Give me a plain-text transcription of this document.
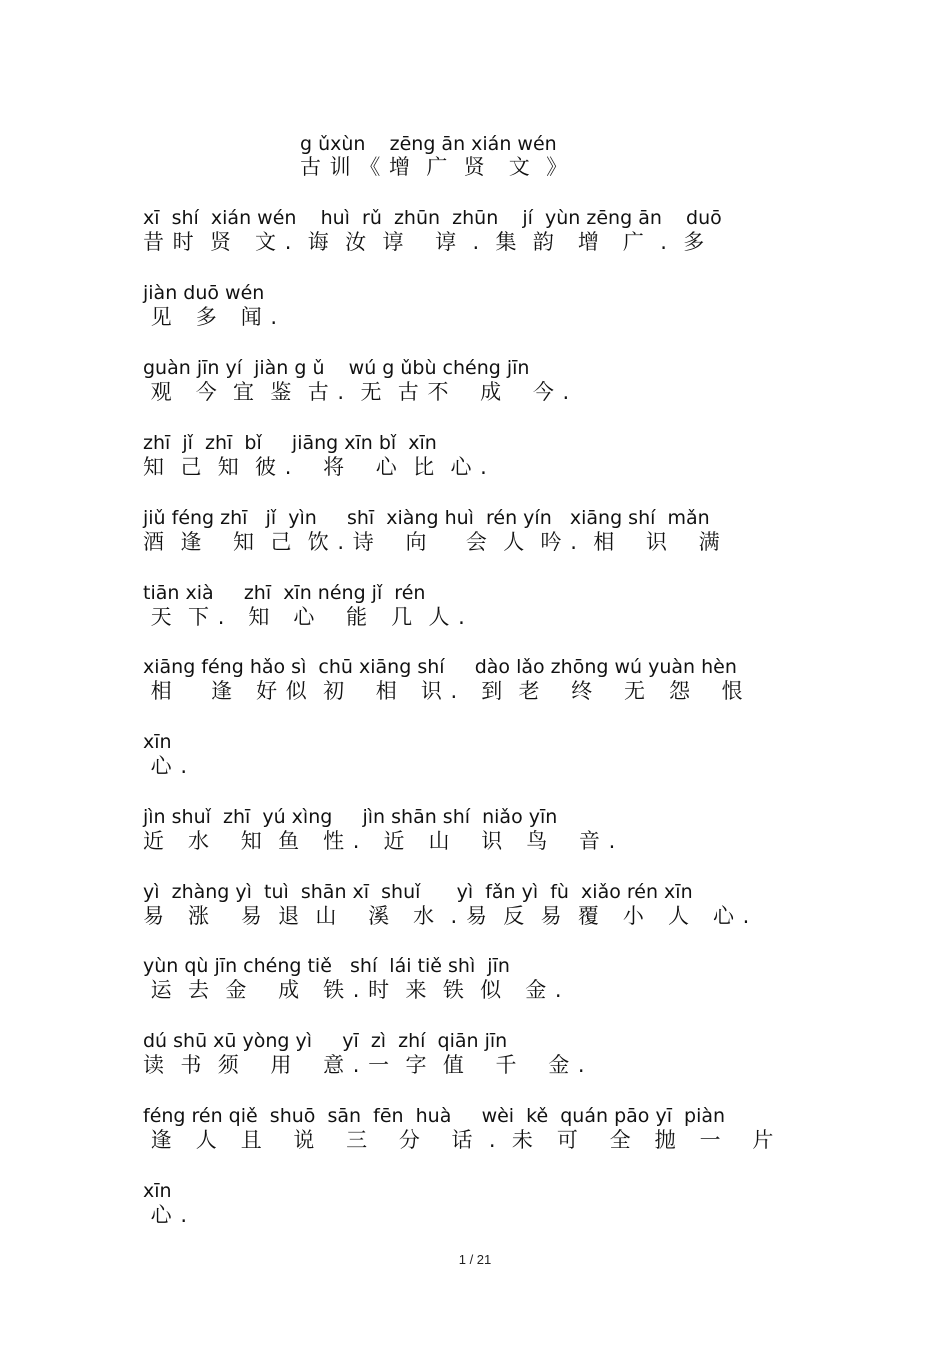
g ǔxùn    zēng ān xián wén
古 训 《 增  广  贤   文  》
xī  shí  xián wén    huì  rǔ  zhūn  zhūn    jí  yùn zēng ān    duō
昔 时  贤   文 .  诲  汝  谆    谆  .  集  韵   增   广  .  多
jiàn duō wén
见   多   闻 .
guàn jīn yí  jiàn g ǔ    wú g ǔbù chéng jīn
观   今  宜  鉴  古 .  无  古 不    成    今 .
zhī  jǐ  zhī  bǐ     jiāng xīn bǐ  xīn
知  己  知  彼 .    将    心  比  心 .
jiǔ féng zhī   jǐ  yìn     shī  xiàng huì  rén yín   xiāng shí  mǎn
酒  逢    知  己  饮 . 诗    向     会  人  吟 .  相    识    满
tiān xià     zhī  xīn néng jǐ  rén
天  下 .   知   心    能   几  人 .
xiāng féng hǎo sì  chū xiāng shí     dào lǎo zhōng wú yuàn hèn
相     逢   好 似  初    相   识 .   到  老    终    无   怨    恨
xīn
心 .
jìn shuǐ  zhī  yú xìng     jìn shān shí  niǎo yīn
近   水    知  鱼   性 .   近   山    识   鸟    音 .
yì  zhàng yì  tuì  shān xī  shuǐ      yì  fǎn yì  fù  xiǎo rén xīn
易   涨    易  退  山    溪   水  . 易  反  易  覆   小   人   心 .
yùn qù jīn chéng tiě   shí  lái tiě shì  jīn
运  去  金    成   铁 . 时  来  铁  似   金 .
dú shū xū yòng yì     yī  zì  zhí  qiān jīn
读  书  须    用    意 . 一  字  值    千    金 .
féng rén qiě  shuō  sān  fēn  huà     wèi  kě  quán pāo yī  piàn
逢   人   且    说    三    分    话  .  未   可    全   抛   一    片
xīn
心 .
1 / 21
